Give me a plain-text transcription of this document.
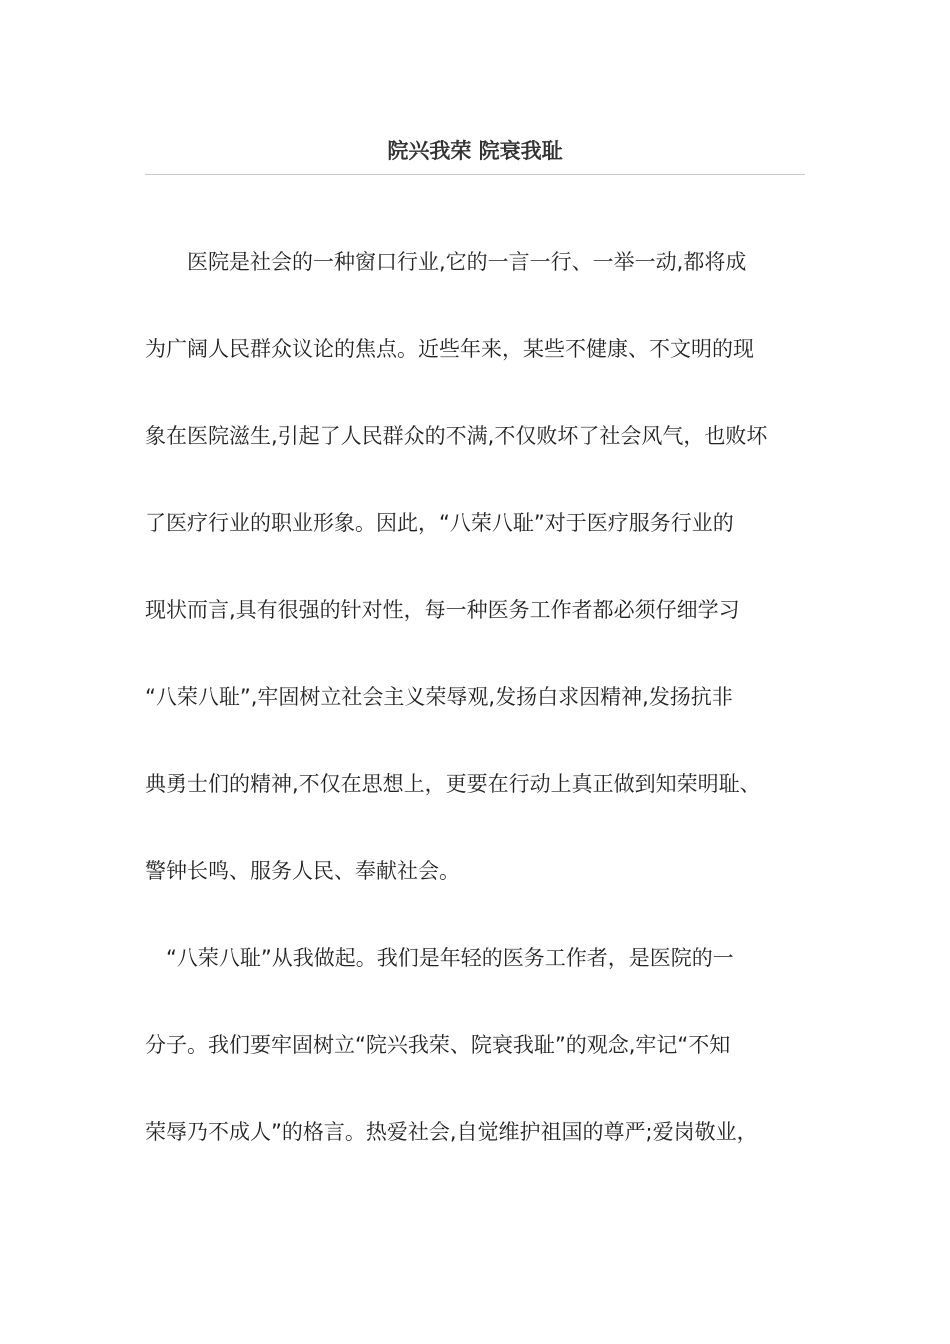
院兴我荣 院衰我耻
　　医院是社会的一种窗口行业,它的一言一行、一举一动,都将成
为广阔人民群众议论的焦点。近些年来，某些不健康、不文明的现
象在医院滋生,引起了人民群众的不满,不仅败坏了社会风气，也败坏
了医疗行业的职业形象。因此，“八荣八耻”对于医疗服务行业的
现状而言,具有很强的针对性，每一种医务工作者都必须仔细学习
“八荣八耻”,牢固树立社会主义荣辱观,发扬白求因精神,发扬抗非
典勇士们的精神,不仅在思想上，更要在行动上真正做到知荣明耻、
警钟长鸣、服务人民、奉献社会。
　“八荣八耻”从我做起。我们是年轻的医务工作者，是医院的一
分子。我们要牢固树立“院兴我荣、院衰我耻”的观念,牢记“不知
荣辱乃不成人”的格言。热爱社会,自觉维护祖国的尊严;爱岗敬业，
